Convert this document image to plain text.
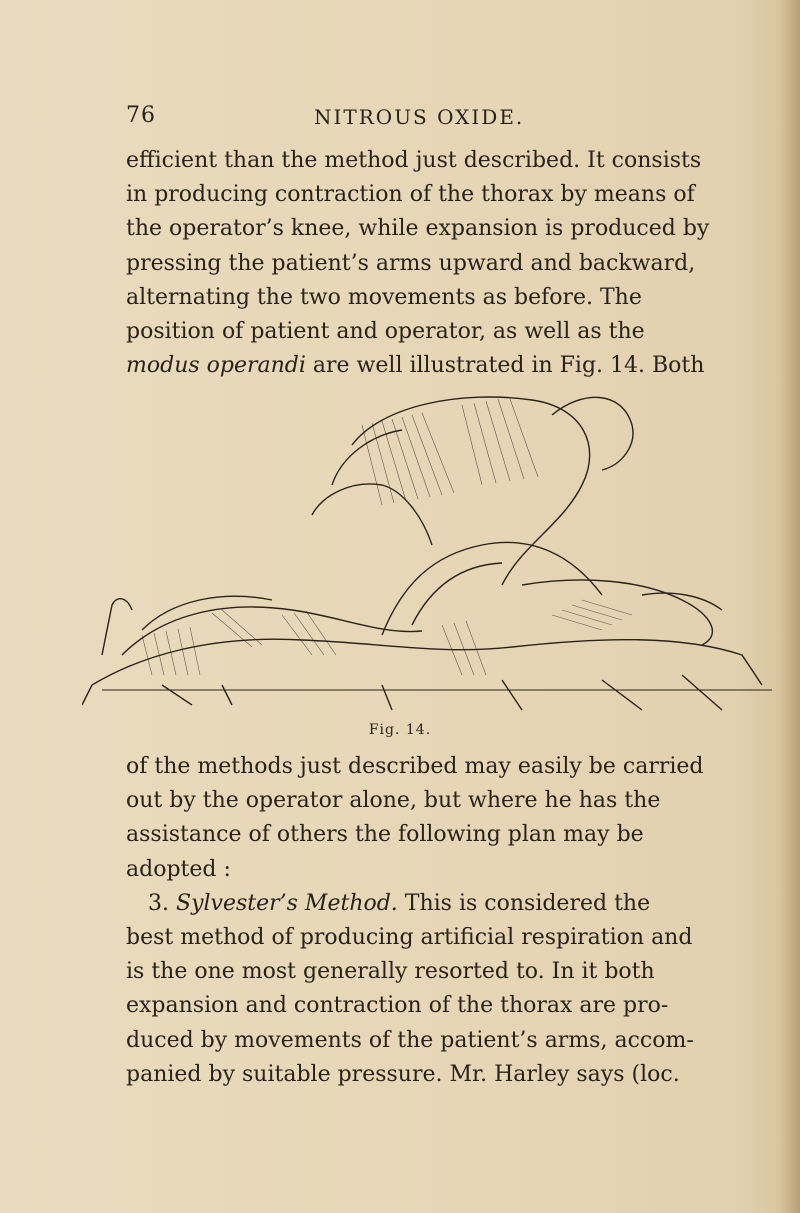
76	NITROUS OXIDE.

efficient than the method just described. It consists

in producing contraction of the thorax by means of

the operator’s knee, while expansion is produced by

pressing the patient’s arms upward and backward,

alternating the two movements as before. The

position of patient and operator, as well as the

modus operandi are well illustrated in Fig. 14. Both

Fig. 14.

of the methods just described may easily be carried

out by the operator alone, but where he has the

assistance of others the following plan may be

adopted :

3. Sylvester’s Method. This is considered the

best method of producing artificial respiration and

is the one most generally resorted to. In it both

expansion and contraction of the thorax are pro-

duced by movements of the patient’s arms, accom-

panied by suitable pressure. Mr. Harley says (loc.
